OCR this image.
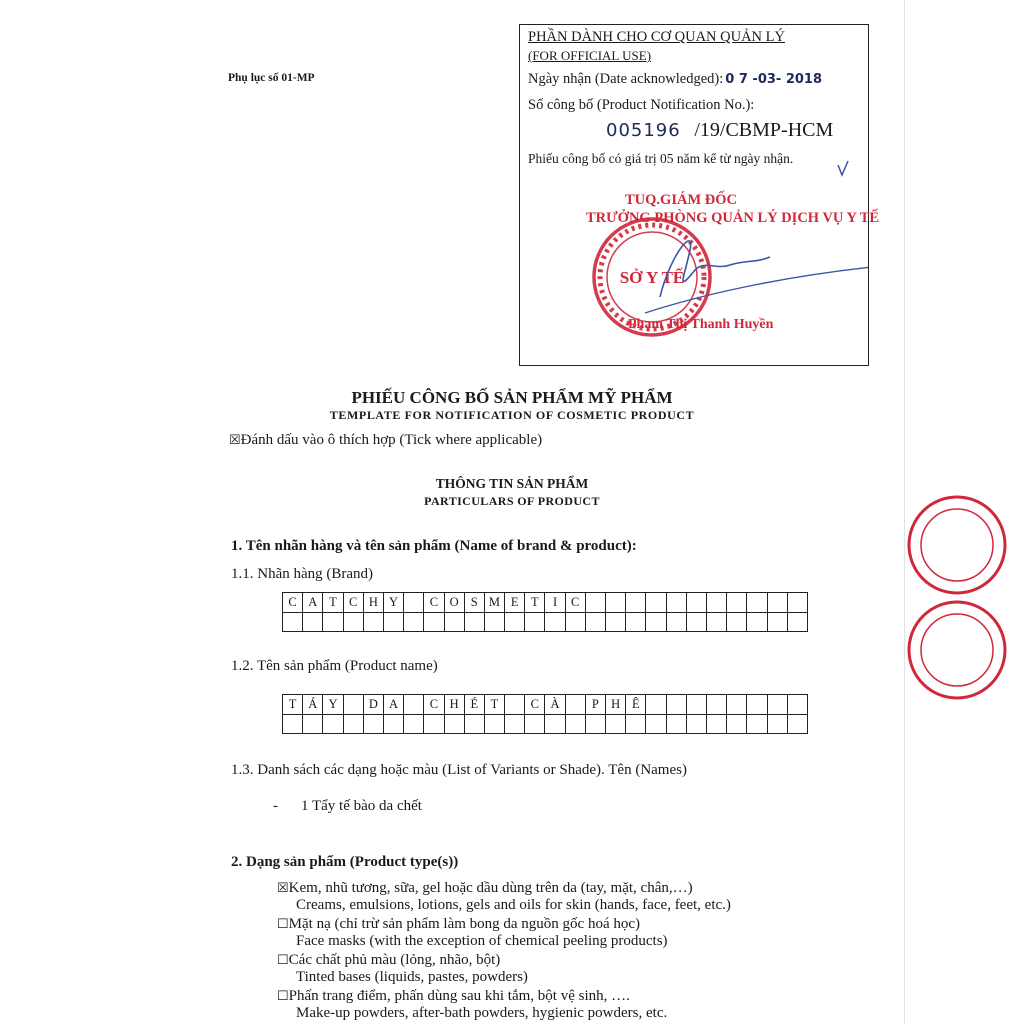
Phụ lục số 01-MP
PHẦN DÀNH CHO CƠ QUAN QUẢN LÝ
(FOR OFFICIAL USE)
Ngày nhận (Date acknowledged): 0 7 -03- 2018
Số công bố (Product Notification No.):
005196 /19/CBMP-HCM
Phiếu công bố có giá trị 05 năm kể từ ngày nhận.
TUQ.GIÁM ĐỐC
TRƯỞNG PHÒNG QUẢN LÝ DỊCH VỤ Y TẾ
Phạm Thị Thanh Huyền
SỞ Y TẾ
PHIẾU CÔNG BỐ SẢN PHẨM MỸ PHẨM
TEMPLATE FOR NOTIFICATION OF COSMETIC PRODUCT
☒Đánh dấu vào ô thích hợp (Tick where applicable)
THÔNG TIN SẢN PHẨM
PARTICULARS OF PRODUCT
1. Tên nhãn hàng và tên sản phẩm (Name of brand & product):
1.1. Nhãn hàng (Brand)
C	A	T	C	H	Y		C	O	S	M	E	T	I	C											

1.2. Tên sản phẩm (Product name)
T	Á	Y		D	A		C	H	É	T		C	À		P	H	Ê								

1.3. Danh sách các dạng hoặc màu (List of Variants or Shade). Tên (Names)
- 1 Tẩy tế bào da chết
2. Dạng sản phẩm (Product type(s))
☒Kem, nhũ tương, sữa, gel hoặc dầu dùng trên da (tay, mặt, chân,…)
Creams, emulsions, lotions, gels and oils for skin (hands, face, feet, etc.)
☐Mặt nạ (chỉ trừ sản phẩm làm bong da nguồn gốc hoá học)
Face masks (with the exception of chemical peeling products)
☐Các chất phủ màu (lỏng, nhão, bột)
Tinted bases (liquids, pastes, powders)
☐Phấn trang điểm, phấn dùng sau khi tắm, bột vệ sinh, ….
Make-up powders, after-bath powders, hygienic powders, etc.
